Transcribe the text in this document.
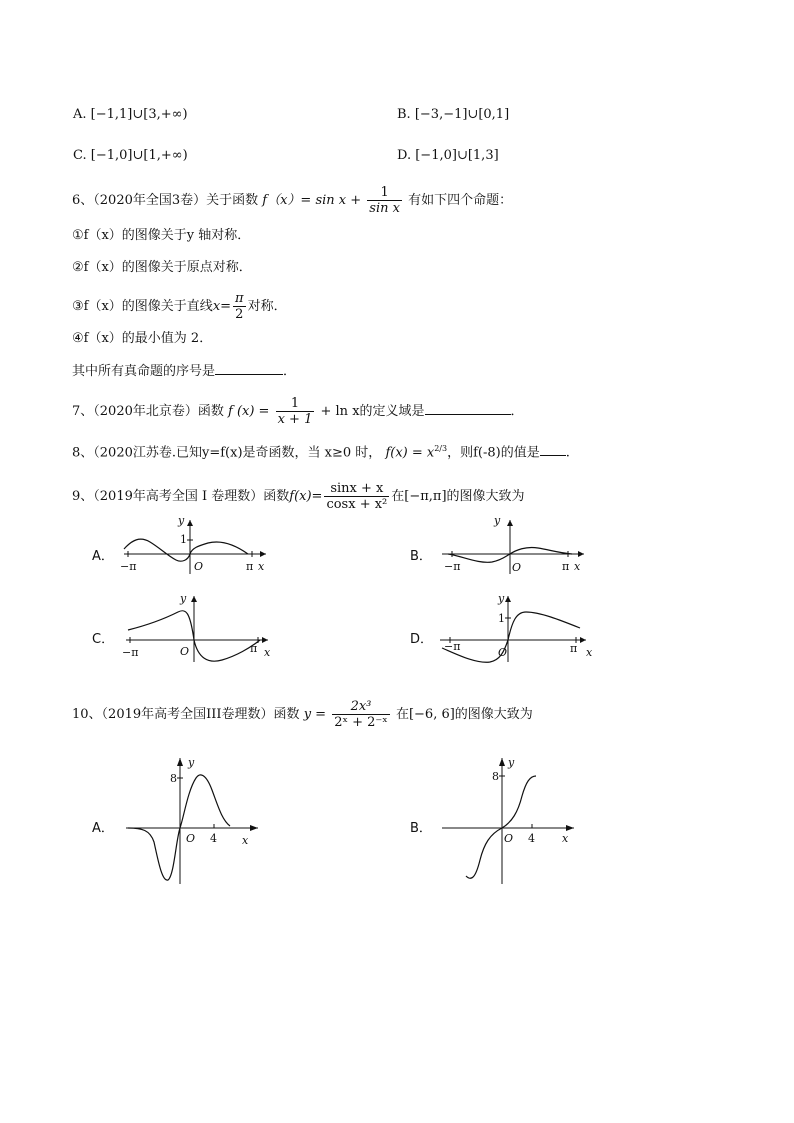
A. [−1,1]∪[3,+∞)	B. [−3,−1]∪[0,1]
C. [−1,0]∪[1,+∞)	D. [−1,0]∪[1,3]
6、（2020年全国3卷）关于函数 $f(x)= \sin x + \frac{1}{\text{sin x}}$ 有如下四个命题：
①f（x）的图像关于y 轴对称．
②f（x）的图像关于原点对称．
③f（x）的图像关于直线$x= \frac{\pi}{2}$ 对称．
④f（x）的最小值为 2．
其中所有真命题的序号是	．
7、（2020年北京卷）函数 f $(x) = \frac{1}{x + 1} + \ln x$的定义域是	．
8、（2020江苏卷.已知y=f(x)是奇函数，当 x≥0 时， $f(x) = x^{2/3}$，则f(-8)的值是 .
9、（2019年高考全国 I 卷理数）函数$f(x)= \frac{\sin x + x}{\text{cosx + x²}}$ 在[−π,π]的图像大致为
A．
y
1
O
−π	π x
B．
y
O
−π	π x
C．
y
O
−π	π x
D．
y
1
O
−π	π x
10、（2019年高考全国III卷理数）函数 $y = \frac{\text{2x³}}{\text{2ˣ + 2⁻ˣ}}$ 在[−6, 6]的图像大致为
A．
y
8
O 4 x
B．
y
8
O 4 x
